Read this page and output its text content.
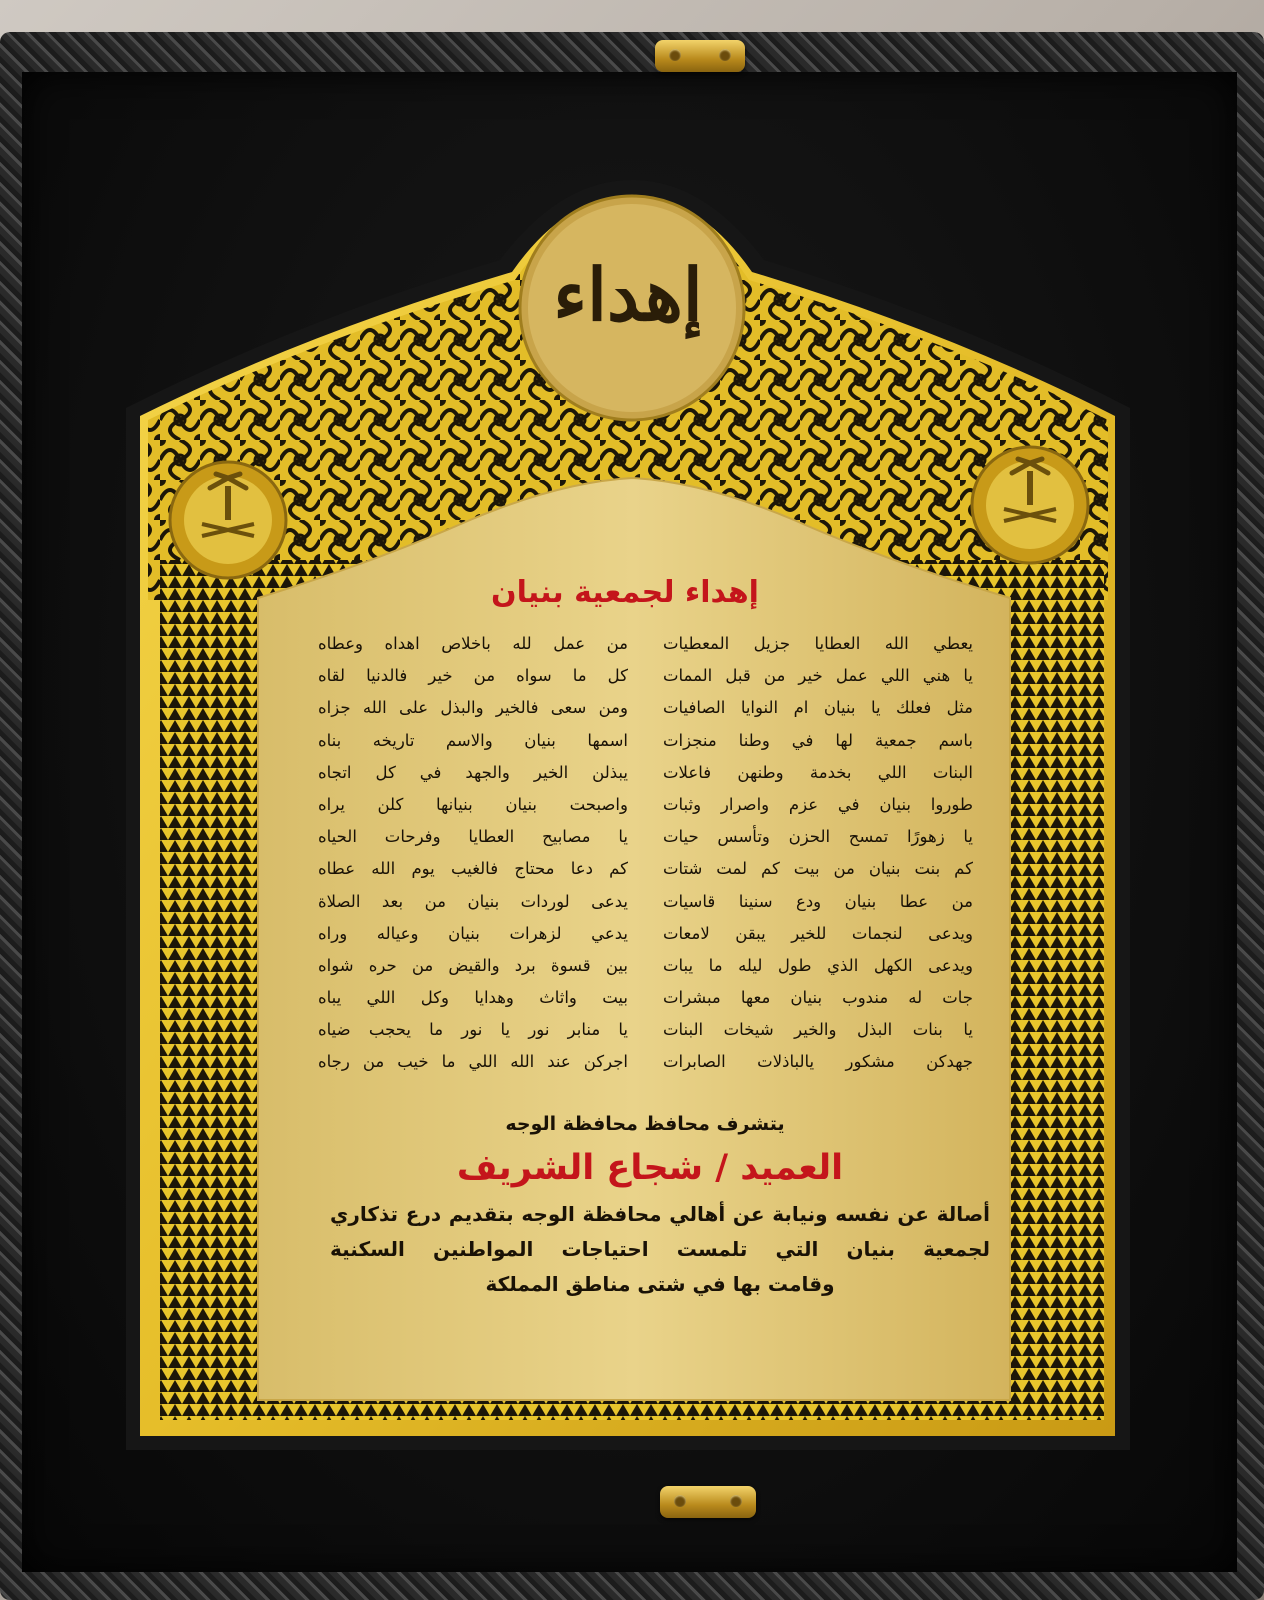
إهداء
إهداء لجمعية بنيان
يعطي الله العطايا جزيل المعطيات
يا هني اللي عمل خير من قبل الممات
مثل فعلك يا بنيان ام النوايا الصافيات
باسم جمعية لها في وطنا منجزات
البنات اللي بخدمة وطنهن فاعلات
طوروا بنيان في عزم واصرار وثبات
يا زهورًا تمسح الحزن وتأسس حيات
كم بنت بنيان من بيت كم لمت شتات
من عطا بنيان ودع سنينا قاسيات
ويدعى لنجمات للخير يبقن لامعات
ويدعى الكهل الذي طول ليله ما يبات
جات له مندوب بنيان معها مبشرات
يا بنات البذل والخير شيخات البنات
جهدكن مشكور يالباذلات الصابرات
من عمل لله باخلاص اهداه وعطاه
كل ما سواه من خير فالدنيا لقاه
ومن سعى فالخير والبذل على الله جزاه
اسمها بنيان والاسم تاريخه بناه
يبذلن الخير والجهد في كل اتجاه
واصبحت بنيان بنيانها كلن يراه
يا مصابيح العطايا وفرحات الحياه
كم دعا محتاج فالغيب يوم الله عطاه
يدعى لوردات بنيان من بعد الصلاة
يدعي لزهرات بنيان وعياله وراه
بين قسوة برد والقيض من حره شواه
بيت واثاث وهدايا وكل اللي يباه
يا منابر نور يا نور ما يحجب ضياه
اجركن عند الله اللي ما خيب من رجاه
يتشرف محافظ محافظة الوجه
العميد / شجاع الشريف
أصالة عن نفسه ونيابة عن أهالي محافظة الوجه بتقديم درع تذكاري
لجمعية بنيان التي تلمست احتياجات المواطنين السكنية
وقامت بها في شتى مناطق المملكة
